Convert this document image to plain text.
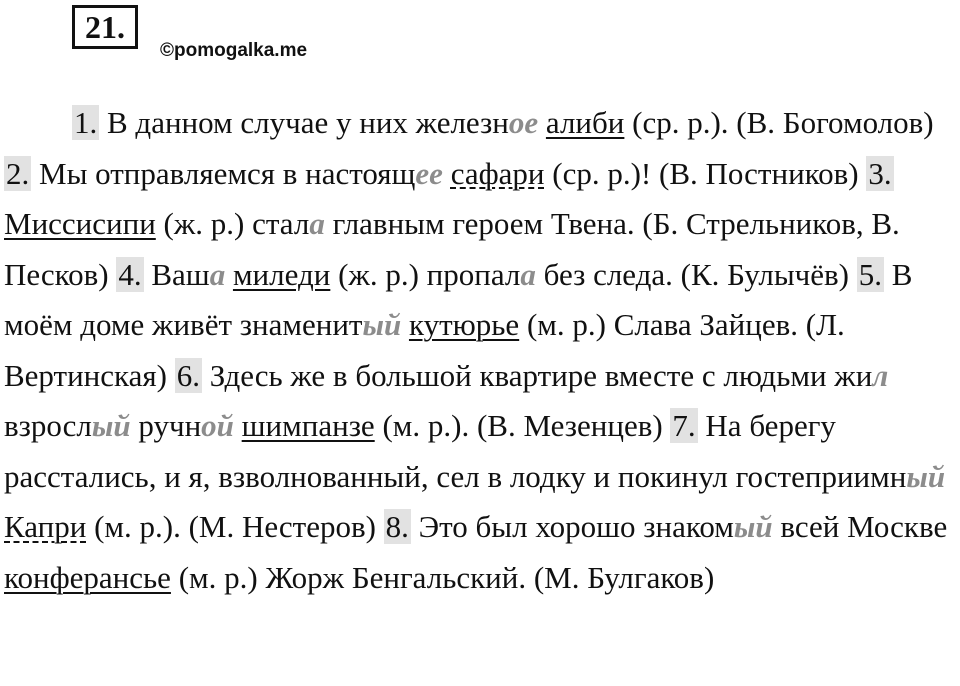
21.
©pomogalka.me
1. В данном случае у них железное алиби (ср. р.). (В. Богомолов) 2. Мы отправляемся в настоящее сафари (ср. р.)! (В. Постников) 3. Миссисипи (ж. р.) стала главным героем Твена. (Б. Стрельников, В. Песков) 4. Ваша миледи (ж. р.) пропала без следа. (К. Булычёв) 5. В моём доме живёт знаменитый кутюрье (м. р.) Слава Зайцев. (Л. Вертинская) 6. Здесь же в большой квартире вместе с людьми жил взрослый ручной шимпанзе (м. р.). (В. Мезенцев) 7. На берегу расстались, и я, взволнованный, сел в лодку и покинул гостеприимный Капри (м. р.). (М. Нестеров) 8. Это был хорошо знакомый всей Москве конферансье (м. р.) Жорж Бенгальский. (М. Булгаков)
